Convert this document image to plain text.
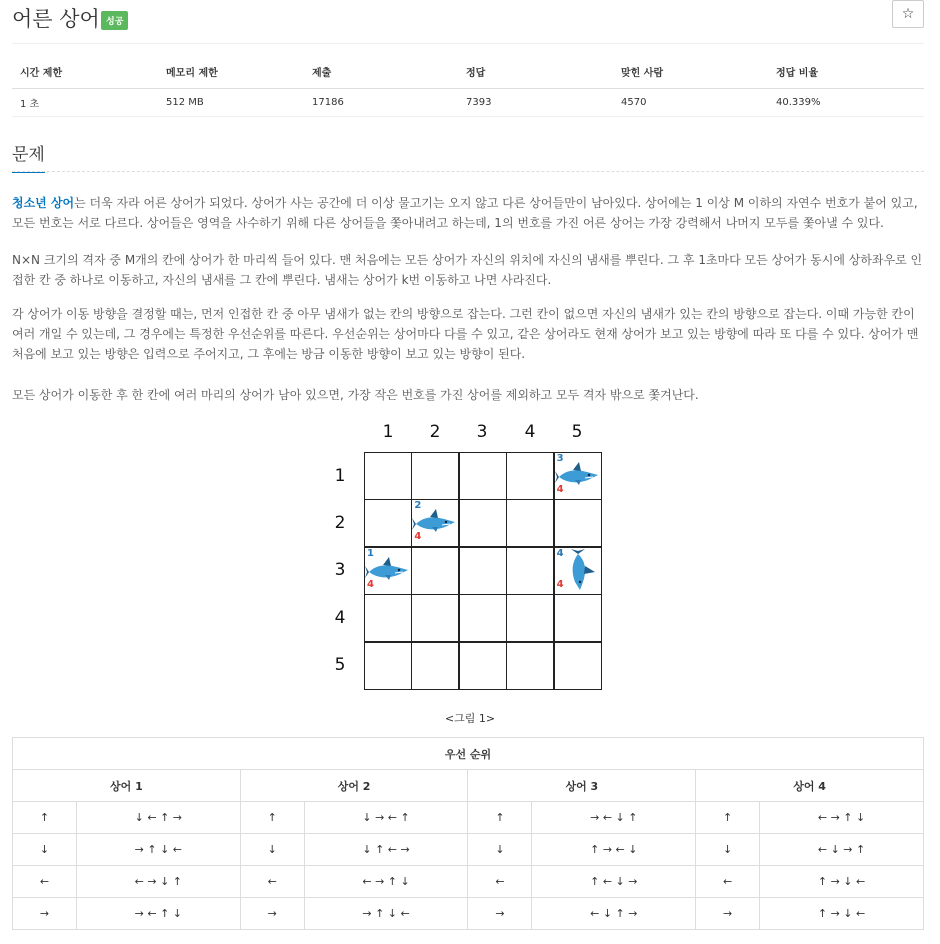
어른 상어 성공	☆
시간 제한	메모리 제한	제출	정답	맞힌 사람	정답 비율
1 초	512 MB	17186	7393	4570	40.339%
문제

청소년 상어는 더욱 자라 어른 상어가 되었다. 상어가 사는 공간에 더 이상 물고기는 오지 않고 다른 상어들만이 남아있다. 상어에는 1 이상 M 이하의 자연수 번호가 붙어 있고, 모든 번호는 서로 다르다. 상어들은 영역을 사수하기 위해 다른 상어들을 쫓아내려고 하는데, 1의 번호를 가진 어른 상어는 가장 강력해서 나머지 모두를 쫓아낼 수 있다.

N×N 크기의 격자 중 M개의 칸에 상어가 한 마리씩 들어 있다. 맨 처음에는 모든 상어가 자신의 위치에 자신의 냄새를 뿌린다. 그 후 1초마다 모든 상어가 동시에 상하좌우로 인접한 칸 중 하나로 이동하고, 자신의 냄새를 그 칸에 뿌린다. 냄새는 상어가 k번 이동하고 나면 사라진다.

각 상어가 이동 방향을 결정할 때는, 먼저 인접한 칸 중 아무 냄새가 없는 칸의 방향으로 잡는다. 그런 칸이 없으면 자신의 냄새가 있는 칸의 방향으로 잡는다. 이때 가능한 칸이 여러 개일 수 있는데, 그 경우에는 특정한 우선순위를 따른다. 우선순위는 상어마다 다를 수 있고, 같은 상어라도 현재 상어가 보고 있는 방향에 따라 또 다를 수 있다. 상어가 맨 처음에 보고 있는 방향은 입력으로 주어지고, 그 후에는 방금 이동한 방향이 보고 있는 방향이 된다.

모든 상어가 이동한 후 한 칸에 여러 마리의 상어가 남아 있으면, 가장 작은 번호를 가진 상어를 제외하고 모두 격자 밖으로 쫓겨난다.

1 2 3 4 5
1
2
3
4
5
3
4
2
4
1
4
4
4
<그림 1>
우선 순위							
상어 1		상어 2		상어 3		상어 4	
↑	↓ ← ↑ →	↑	↓ → ← ↑	↑	→ ← ↓ ↑	↑	← → ↑ ↓
↓	→ ↑ ↓ ←	↓	↓ ↑ ← →	↓	↑ → ← ↓	↓	← ↓ → ↑
←	← → ↓ ↑	←	← → ↑ ↓	←	↑ ← ↓ →	←	↑ → ↓ ←
→	→ ← ↑ ↓	→	→ ↑ ↓ ←	→	← ↓ ↑ →	→	↑ → ↓ ←
